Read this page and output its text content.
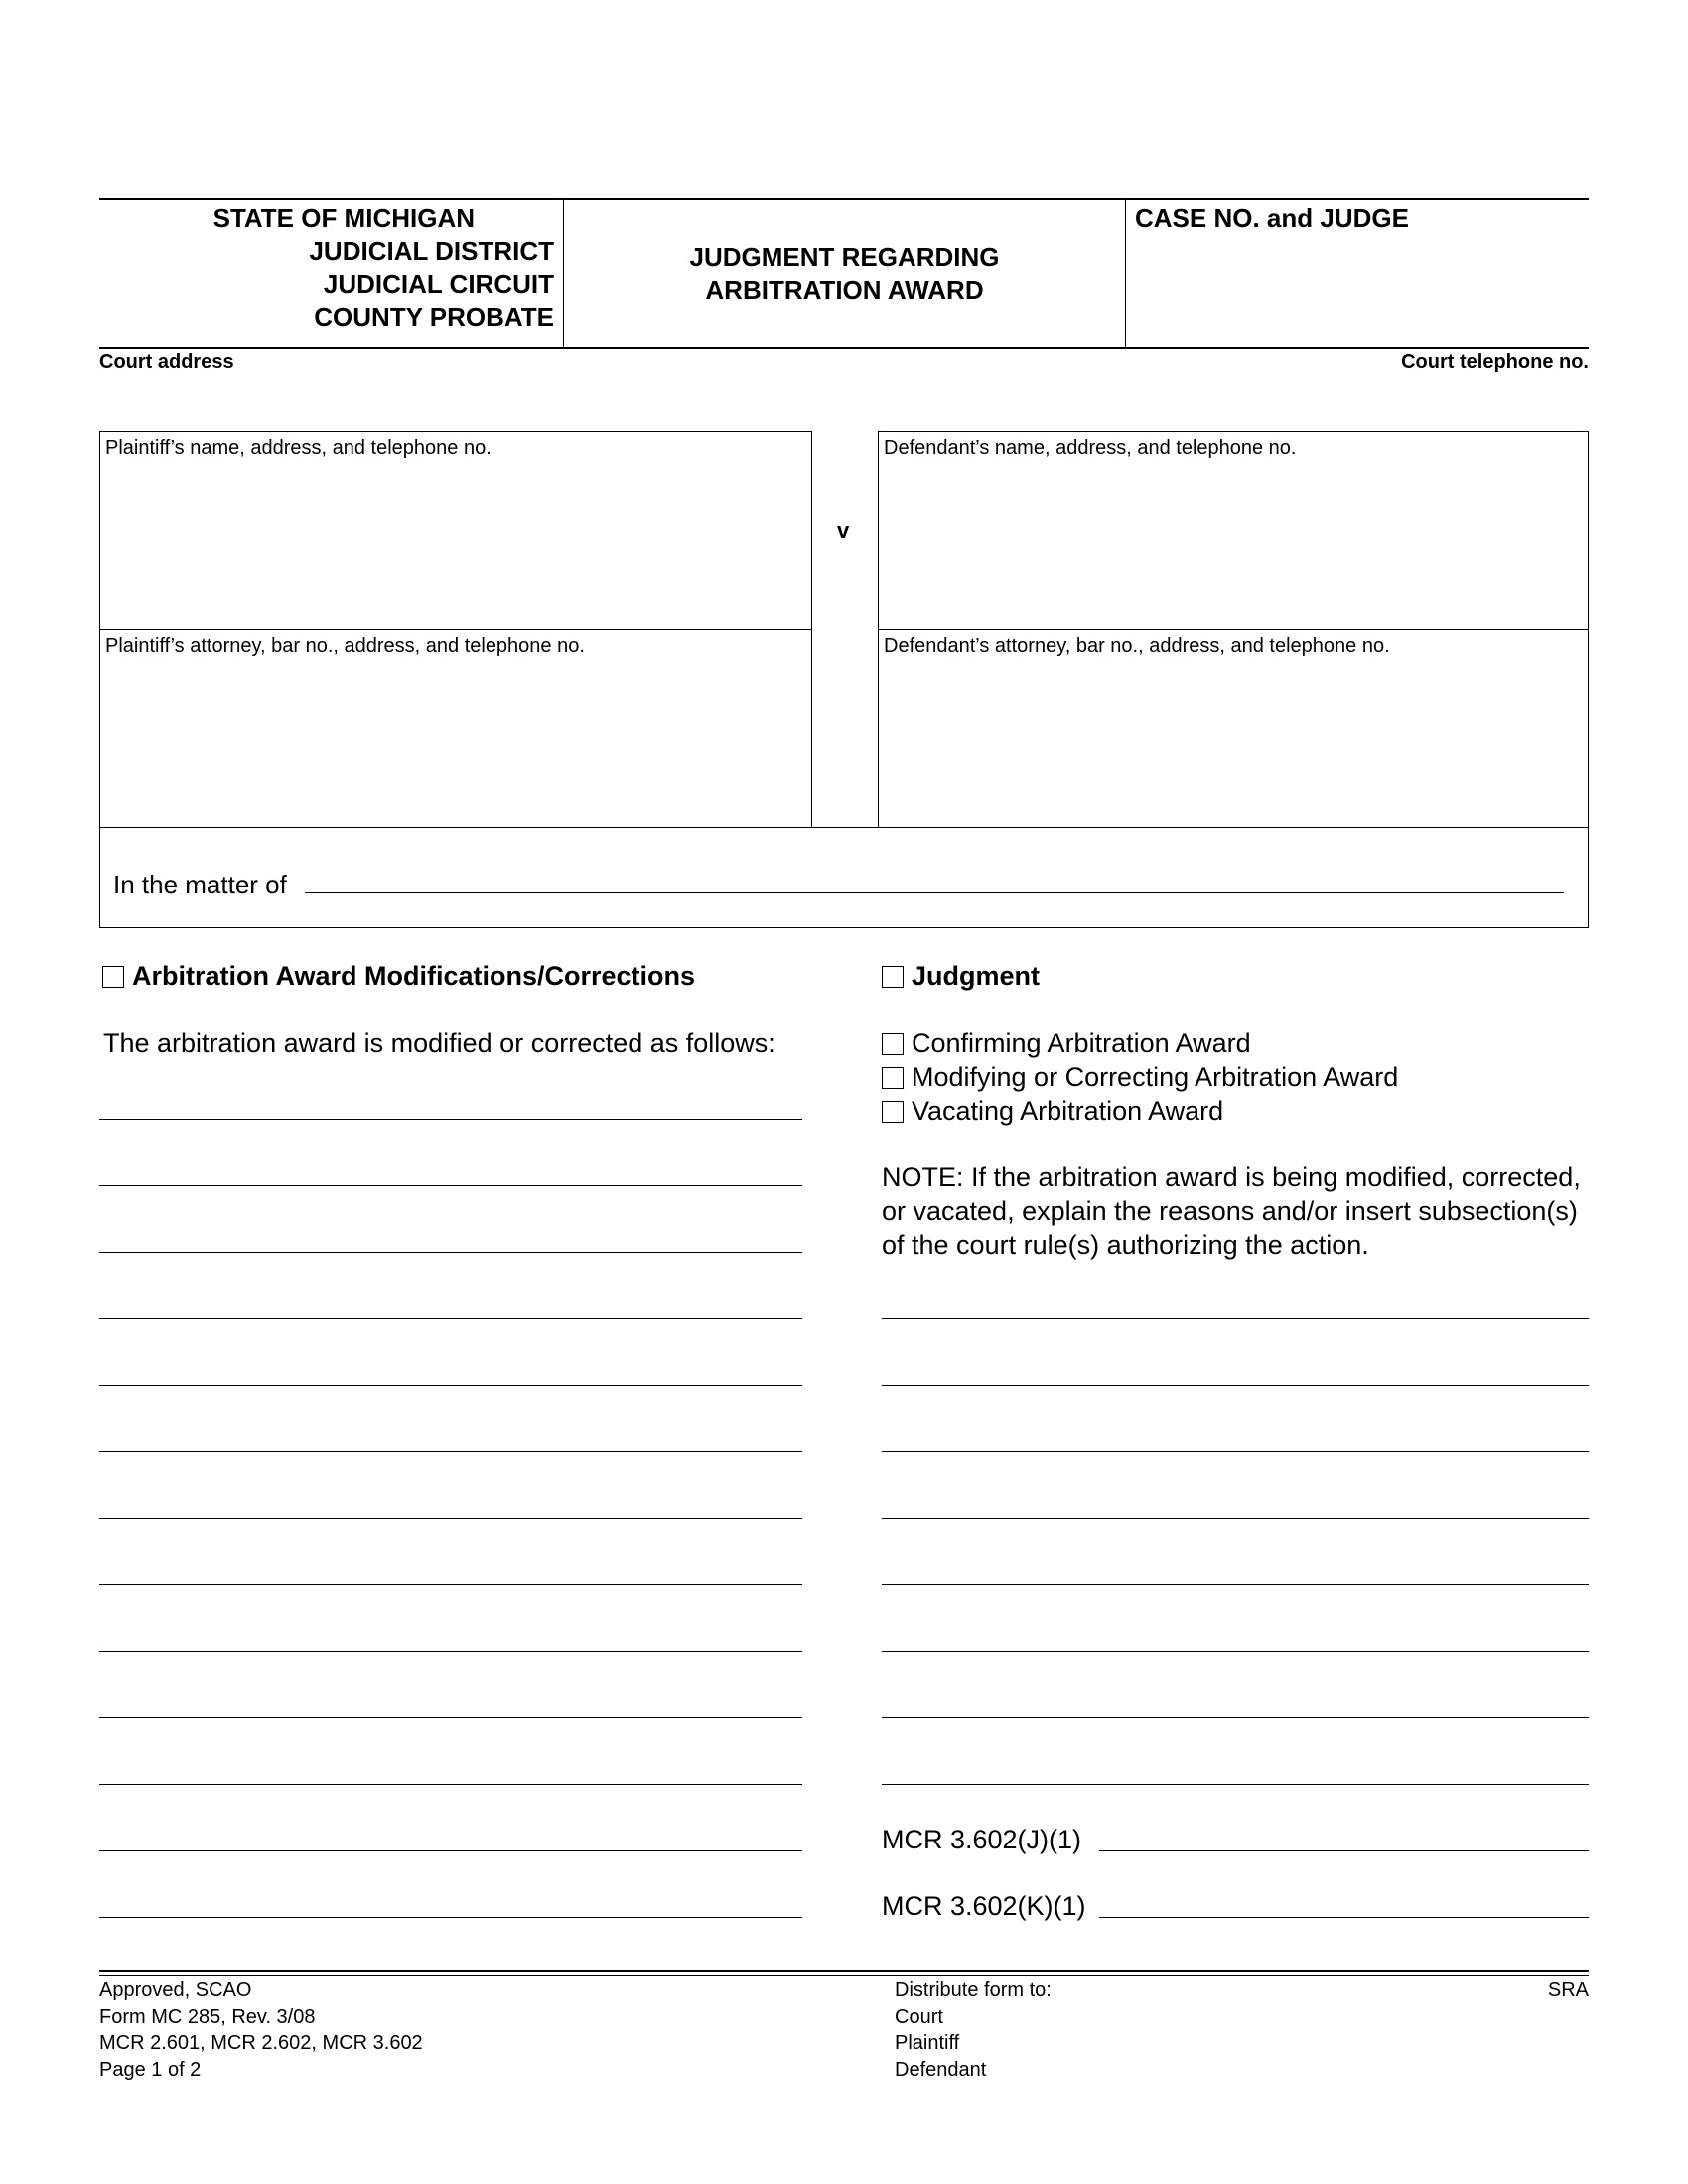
STATE OF MICHIGAN
JUDICIAL DISTRICT
JUDICIAL CIRCUIT
COUNTY PROBATE
JUDGMENT REGARDING
ARBITRATION AWARD
CASE NO. and JUDGE
Court address	Court telephone no.
Plaintiff’s name, address, and telephone no.
Plaintiff’s attorney, bar no., address, and telephone no.
v
Defendant’s name, address, and telephone no.
Defendant’s attorney, bar no., address, and telephone no.
In the matter of
Arbitration Award Modifications/Corrections
The arbitration award is modified or corrected as follows:
Judgment
Confirming Arbitration Award
Modifying or Correcting Arbitration Award
Vacating Arbitration Award
NOTE: If the arbitration award is being modified, corrected,
or vacated, explain the reasons and/or insert subsection(s)
of the court rule(s) authorizing the action.
MCR 3.602(J)(1)
MCR 3.602(K)(1)
Approved, SCAO
Form MC 285, Rev. 3/08
MCR 2.601, MCR 2.602, MCR 3.602
Page 1 of 2
Distribute form to:
Court
Plaintiff
Defendant
SRA
